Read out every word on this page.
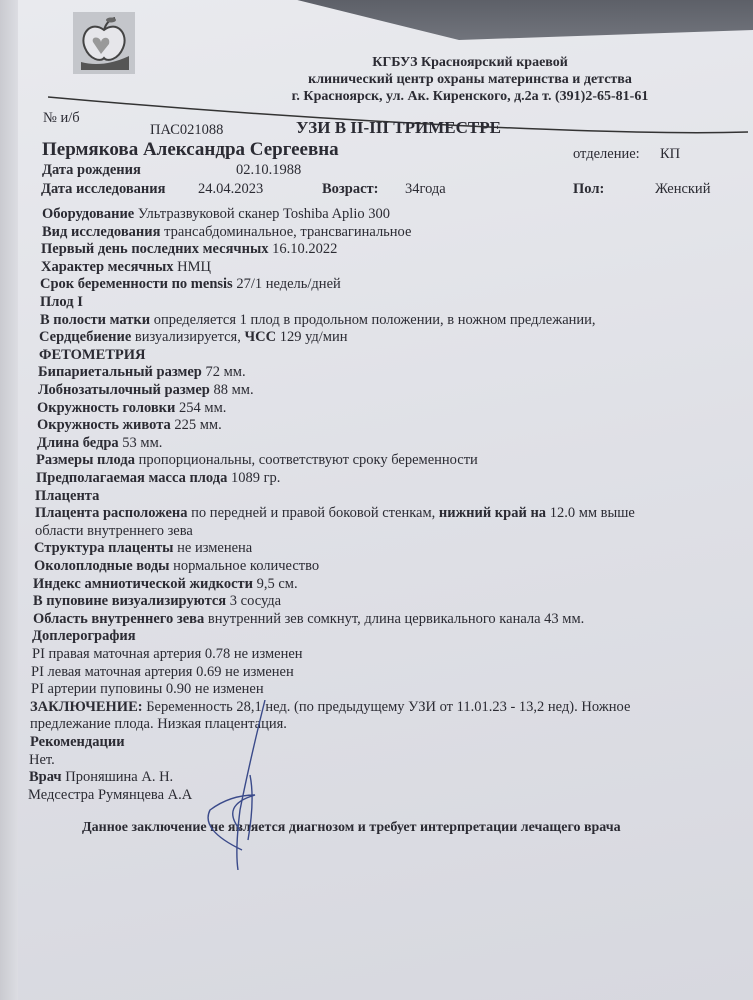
КГБУЗ Красноярский краевой
клинический центр охраны материнства и детства
г. Красноярск, ул. Ак. Киренского, д.2а т. (391)2-65-81-61
№ и/б
ПАС021088	УЗИ В II-III ТРИМЕСТРЕ
Пермякова Александра Сергеевна	отделение: КП
Дата рождения	02.10.1988
Дата исследования 24.04.2023	Возраст: 34года	Пол:	Женский
Оборудование Ультразвуковой сканер Toshiba Aplio 300
Вид исследования трансабдоминальное, трансвагинальное
Первый день последних месячных 16.10.2022
Характер месячных НМЦ
Срок беременности по mensis 27/1 недель/дней
Плод I
В полости матки определяется 1 плод в продольном положении, в ножном предлежании,
Сердцебиение визуализируется, ЧСС 129 уд/мин
ФЕТОМЕТРИЯ
Бипариетальный размер 72 мм.
Лобнозатылочный размер 88 мм.
Окружность головки 254 мм.
Окружность живота 225 мм.
Длина бедра 53 мм.
Размеры плода пропорциональны, соответствуют сроку беременности
Предполагаемая масса плода 1089 гр.
Плацента
Плацента расположена по передней и правой боковой стенкам, нижний край на 12.0 мм выше
области внутреннего зева
Структура плаценты не изменена
Околоплодные воды нормальное количество
Индекс амниотической жидкости 9,5 см.
В пуповине визуализируются 3 сосуда
Область внутреннего зева внутренний зев сомкнут, длина цервикального канала 43 мм.
Доплерография
PI правая маточная артерия 0.78 не изменен
PI левая маточная артерия 0.69 не изменен
PI артерии пуповины 0.90 не изменен
ЗАКЛЮЧЕНИЕ: Беременность 28,1 нед. (по предыдущему УЗИ от 11.01.23 - 13,2 нед). Ножное
предлежание плода. Низкая плацентация.
Рекомендации
Нет.
Врач Проняшина А. Н.
Медсестра Румянцева А.А
Данное заключение не является диагнозом и требует интерпретации лечащего врача
